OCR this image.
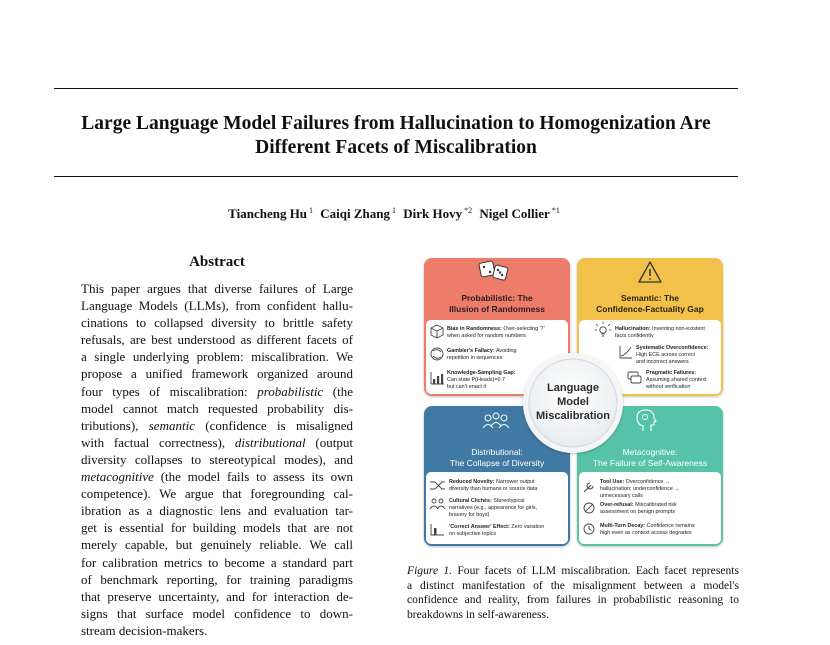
Large Language Model Failures from Hallucination to Homogenization Are
Different Facets of Miscalibration
Tiancheng Hu $^1$ Caiqi Zhang $^1$ Dirk Hovy $^{*2}$ Nigel Collier $^{*1}$
Abstract
This paper argues that diverse failures of Large
Language Models (LLMs), from confident hallu-
cinations to collapsed diversity to brittle safety
refusals, are best understood as different facets of
a single underlying problem: miscalibration. We
propose a unified framework organized around
four types of miscalibration: probabilistic (the
model cannot match requested probability dis-
tributions), semantic (confidence is misaligned
with factual correctness), distributional (output
diversity collapses to stereotypical modes), and
metacognitive (the model fails to assess its own
competence). We argue that foregrounding cal-
ibration as a diagnostic lens and evaluation tar-
get is essential for building models that are not
merely capable, but genuinely reliable. We call
for calibration metrics to become a standard part
of benchmark reporting, for training paradigms
that preserve uncertainty, and for interaction de-
signs that surface model confidence to down-
stream decision-makers.
Probabilistic: The
Illusion of Randomness
Bias in Randomness: Over-selecting '7'
when asked for random numbers
Gambler's Fallacy: Avoiding
repetition in sequences
Knowledge-Sampling Gap:
Can state P(Heads)=0.7
but can't enact it
Semantic: The
Confidence-Factuality Gap
Hallucination: Inventing non-existent
facts confidently
Systematic Overconfidence:
High ECE across correct
and incorrect answers
Pragmatic Failures:
Assuming shared context
without verification
Distributional:
The Collapse of Diversity
Reduced Novelty: Narrower output
diversity than humans or source data
Cultural Clichés: Stereotypical
narratives (e.g., appearance for girls,
bravery for boys)
'Correct Answer' Effect: Zero variation
on subjective topics
Metacognitive:
The Failure of Self-Awareness
Tool Use: Overconfidence →
hallucination; underconfidence →
unnecessary calls
Over-refusal: Miscalibrated risk
assessment on benign prompts
Multi-Turn Decay: Confidence remains
high even as context access degrades
Language
Model
Miscalibration
Figure 1. Four facets of LLM miscalibration. Each facet represents
a distinct manifestation of the misalignment between a model's
confidence and reality, from failures in probabilistic reasoning to
breakdowns in self-awareness.
